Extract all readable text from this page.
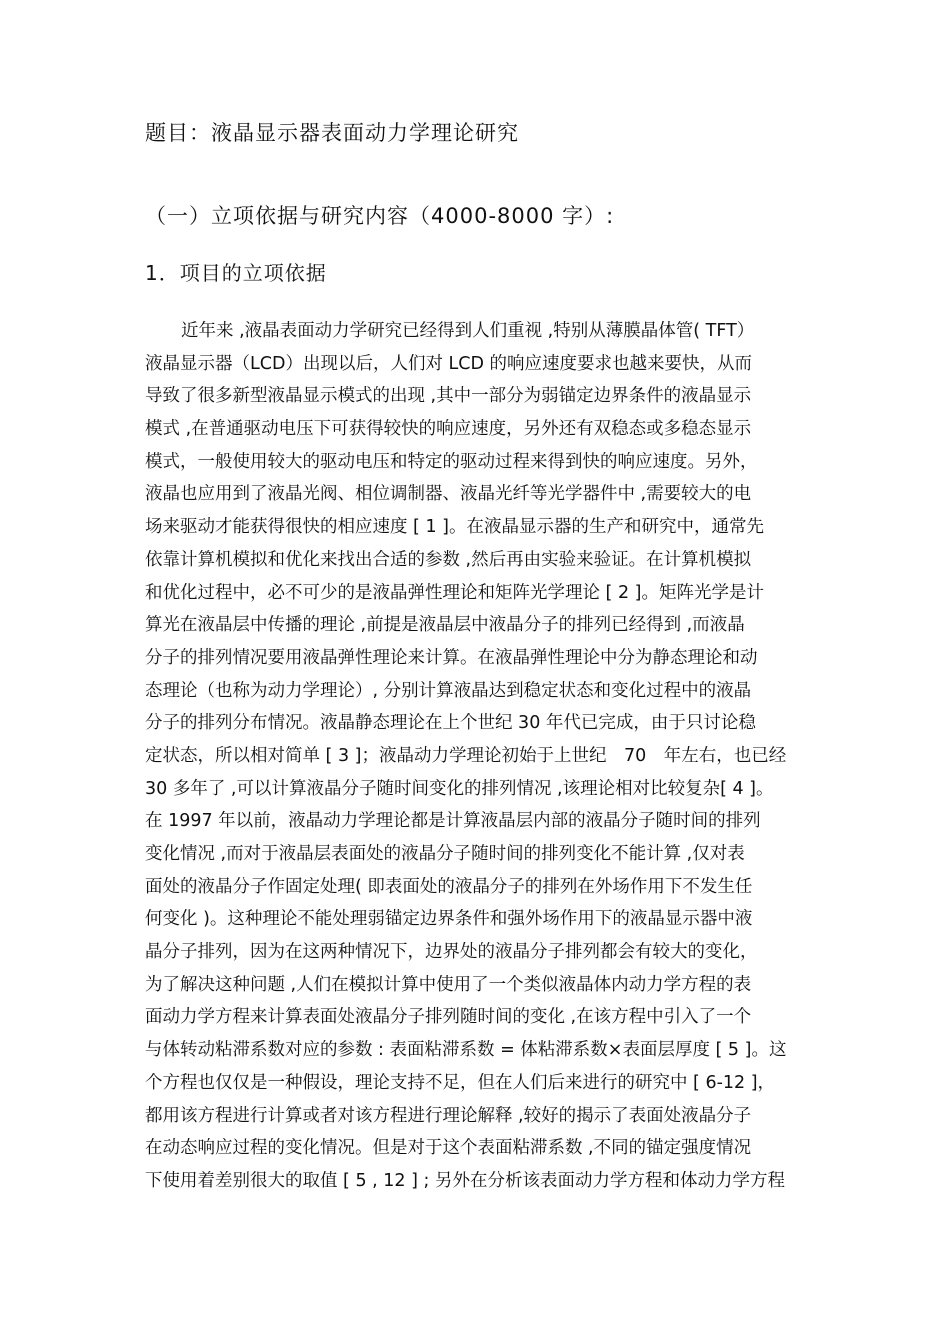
题目：液晶显示器表面动力学理论研究
（一）立项依据与研究内容（4000-8000 字）:
1．项目的立项依据
近年来 ,液晶表面动力学研究已经得到人们重视 ,特别从薄膜晶体管( TFT）
液晶显示器（LCD）出现以后，人们对 LCD 的响应速度要求也越来要快，从而
导致了很多新型液晶显示模式的出现 ,其中一部分为弱锚定边界条件的液晶显示
模式 ,在普通驱动电压下可获得较快的响应速度，另外还有双稳态或多稳态显示
模式，一般使用较大的驱动电压和特定的驱动过程来得到快的响应速度。另外，
液晶也应用到了液晶光阀、相位调制器、液晶光纤等光学器件中 ,需要较大的电
场来驱动才能获得很快的相应速度 [ 1 ]。在液晶显示器的生产和研究中，通常先
依靠计算机模拟和优化来找出合适的参数 ,然后再由实验来验证。在计算机模拟
和优化过程中，必不可少的是液晶弹性理论和矩阵光学理论 [ 2 ]。矩阵光学是计
算光在液晶层中传播的理论 ,前提是液晶层中液晶分子的排列已经得到 ,而液晶
分子的排列情况要用液晶弹性理论来计算。在液晶弹性理论中分为静态理论和动
态理论（也称为动力学理论）, 分别计算液晶达到稳定状态和变化过程中的液晶
分子的排列分布情况。液晶静态理论在上个世纪 30 年代已完成，由于只讨论稳
定状态，所以相对简单 [ 3 ]；液晶动力学理论初始于上世纪　70　年左右，也已经
30 多年了 ,可以计算液晶分子随时间变化的排列情况 ,该理论相对比较复杂[ 4 ]。
在 1997 年以前，液晶动力学理论都是计算液晶层内部的液晶分子随时间的排列
变化情况 ,而对于液晶层表面处的液晶分子随时间的排列变化不能计算 ,仅对表
面处的液晶分子作固定处理( 即表面处的液晶分子的排列在外场作用下不发生任
何变化 )。这种理论不能处理弱锚定边界条件和强外场作用下的液晶显示器中液
晶分子排列，因为在这两种情况下，边界处的液晶分子排列都会有较大的变化，
为了解决这种问题 ,人们在模拟计算中使用了一个类似液晶体内动力学方程的表
面动力学方程来计算表面处液晶分子排列随时间的变化 ,在该方程中引入了一个
与体转动粘滞系数对应的参数 : 表面粘滞系数 = 体粘滞系数×表面层厚度 [ 5 ]。这
个方程也仅仅是一种假设，理论支持不足，但在人们后来进行的研究中 [ 6-12 ]，
都用该方程进行计算或者对该方程进行理论解释 ,较好的揭示了表面处液晶分子
在动态响应过程的变化情况。但是对于这个表面粘滞系数 ,不同的锚定强度情况
下使用着差别很大的取值 [ 5 , 12 ] ; 另外在分析该表面动力学方程和体动力学方程
